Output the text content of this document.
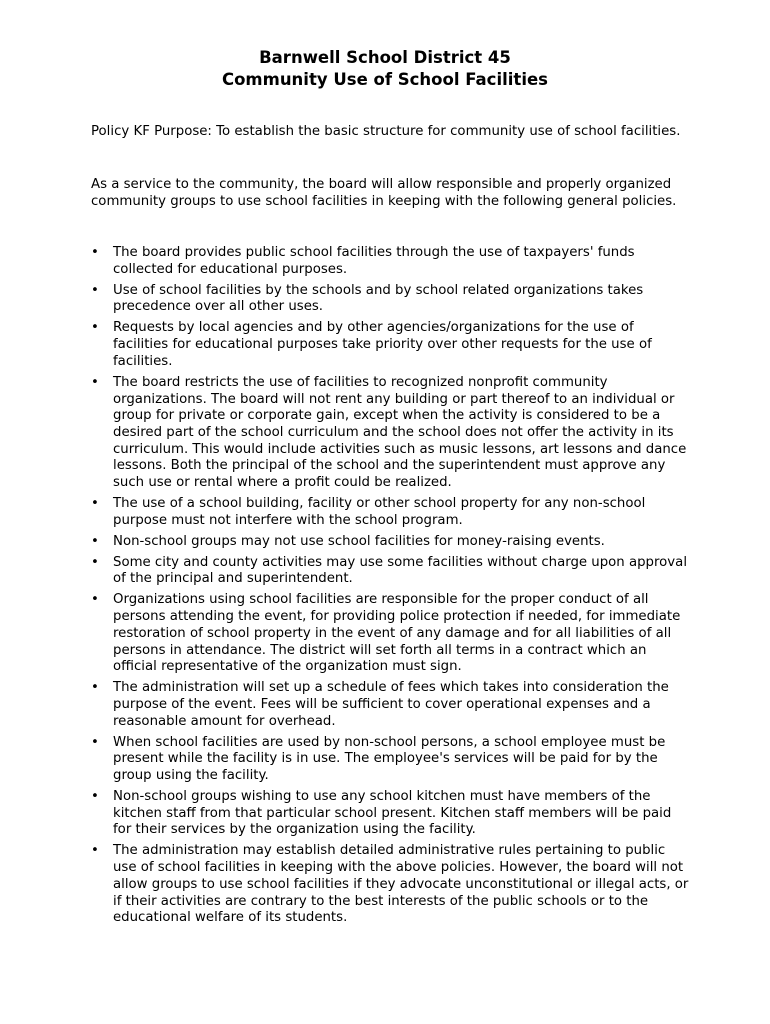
Barnwell School District 45
Community Use of School Facilities
Policy KF Purpose: To establish the basic structure for community use of school facilities.
As a service to the community, the board will allow responsible and properly organized community groups to use school facilities in keeping with the following general policies.
• The board provides public school facilities through the use of taxpayers' funds collected for educational purposes.
• Use of school facilities by the schools and by school related organizations takes precedence over all other uses.
• Requests by local agencies and by other agencies/organizations for the use of facilities for educational purposes take priority over other requests for the use of facilities.
• The board restricts the use of facilities to recognized nonprofit community organizations. The board will not rent any building or part thereof to an individual or group for private or corporate gain, except when the activity is considered to be a desired part of the school curriculum and the school does not offer the activity in its curriculum. This would include activities such as music lessons, art lessons and dance lessons. Both the principal of the school and the superintendent must approve any such use or rental where a profit could be realized.
• The use of a school building, facility or other school property for any non-school purpose must not interfere with the school program.
• Non-school groups may not use school facilities for money-raising events.
• Some city and county activities may use some facilities without charge upon approval of the principal and superintendent.
• Organizations using school facilities are responsible for the proper conduct of all persons attending the event, for providing police protection if needed, for immediate restoration of school property in the event of any damage and for all liabilities of all persons in attendance. The district will set forth all terms in a contract which an official representative of the organization must sign.
• The administration will set up a schedule of fees which takes into consideration the purpose of the event. Fees will be sufficient to cover operational expenses and a reasonable amount for overhead.
• When school facilities are used by non-school persons, a school employee must be present while the facility is in use. The employee's services will be paid for by the group using the facility.
• Non-school groups wishing to use any school kitchen must have members of the kitchen staff from that particular school present. Kitchen staff members will be paid for their services by the organization using the facility.
• The administration may establish detailed administrative rules pertaining to public use of school facilities in keeping with the above policies. However, the board will not allow groups to use school facilities if they advocate unconstitutional or illegal acts, or if their activities are contrary to the best interests of the public schools or to the educational welfare of its students.
